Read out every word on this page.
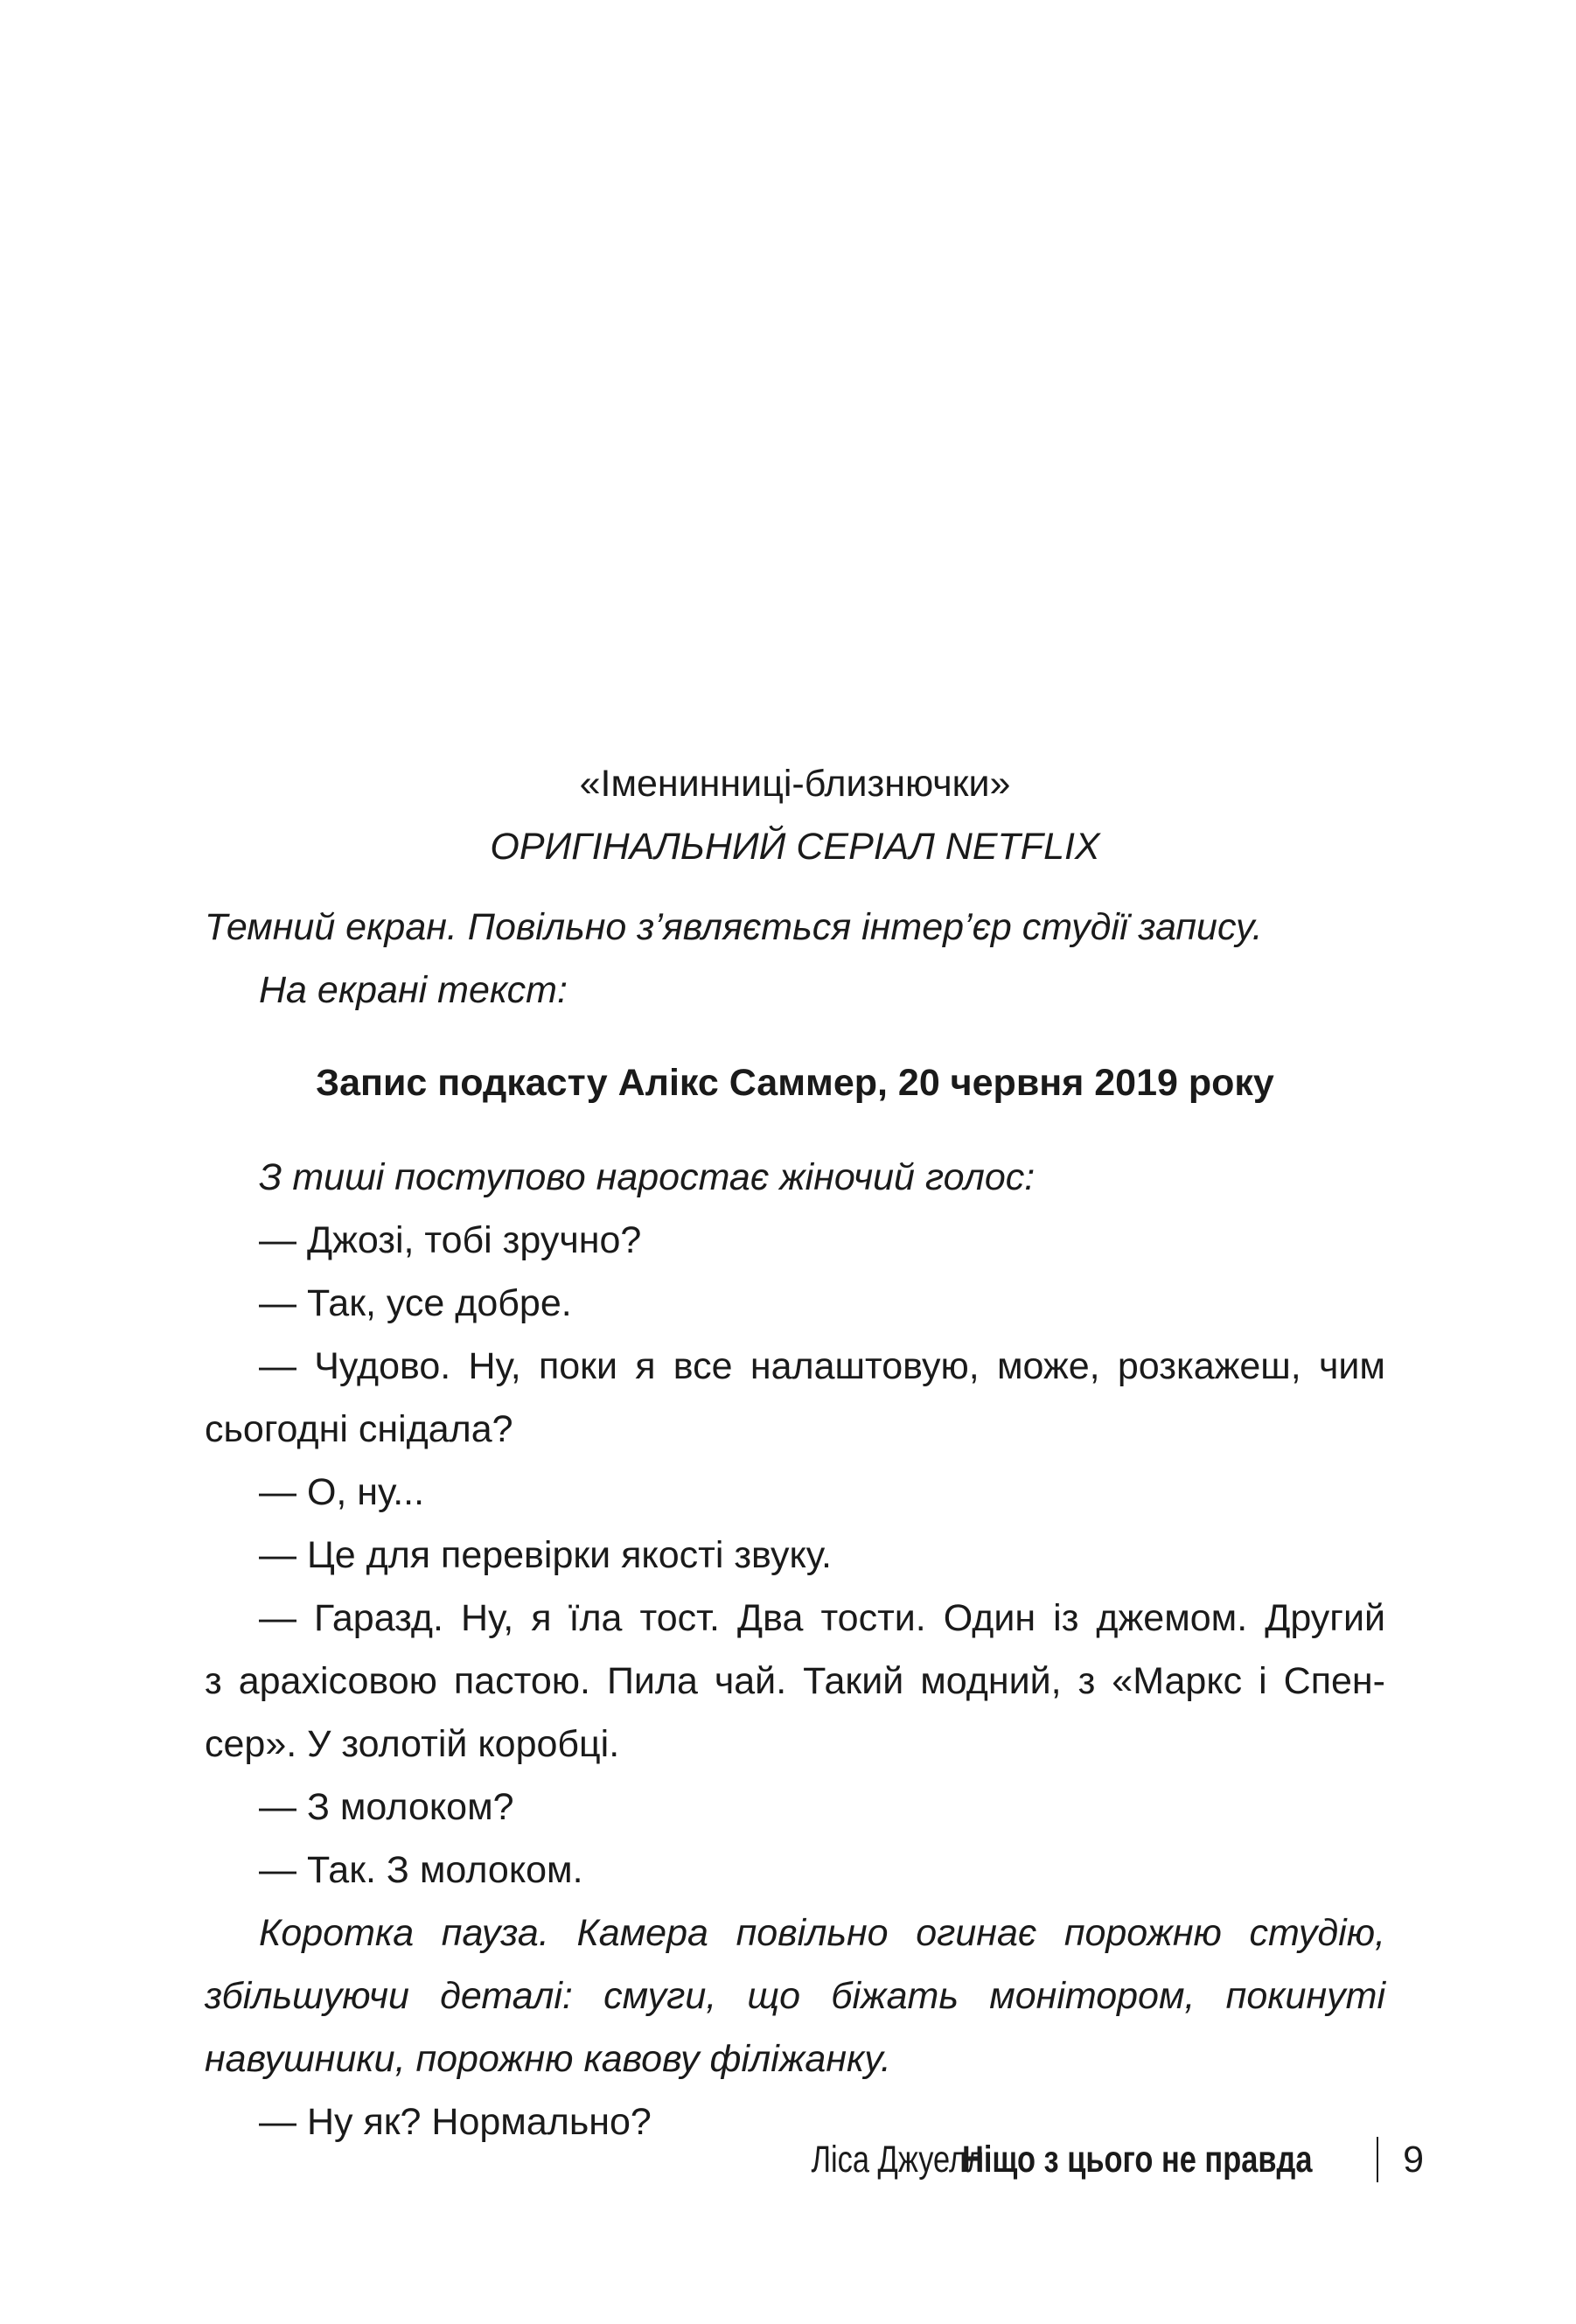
«Іменинниці-близнючки»

ОРИГІНАЛЬНИЙ СЕРІАЛ NETFLIX

Темний екран. Повільно з’являється інтер’єр студії запису.

На екрані текст:

Запис подкасту Алікс Саммер, 20 червня 2019 року

З тиші поступово наростає жіночий голос:

— Джозі, тобі зручно?

— Так, усе добре.

— Чудово. Ну, поки я все налаштовую, може, розкажеш, чим

сьогодні снідала?

— О, ну...

— Це для перевірки якості звуку.

— Гаразд. Ну, я їла тост. Два тости. Один із джемом. Другий

з арахісовою пастою. Пила чай. Такий модний, з «Маркс і Спен-

сер». У золотій коробці.

— З молоком?

— Так. З молоком.

Коротка пауза. Камера повільно огинає порожню студію,

збільшуючи деталі: смуги, що біжать монітором, покинуті

навушники, порожню кавову філіжанку.

— Ну як? Нормально?

Ліса Джуелл
Ніщо з цього не правда 9
